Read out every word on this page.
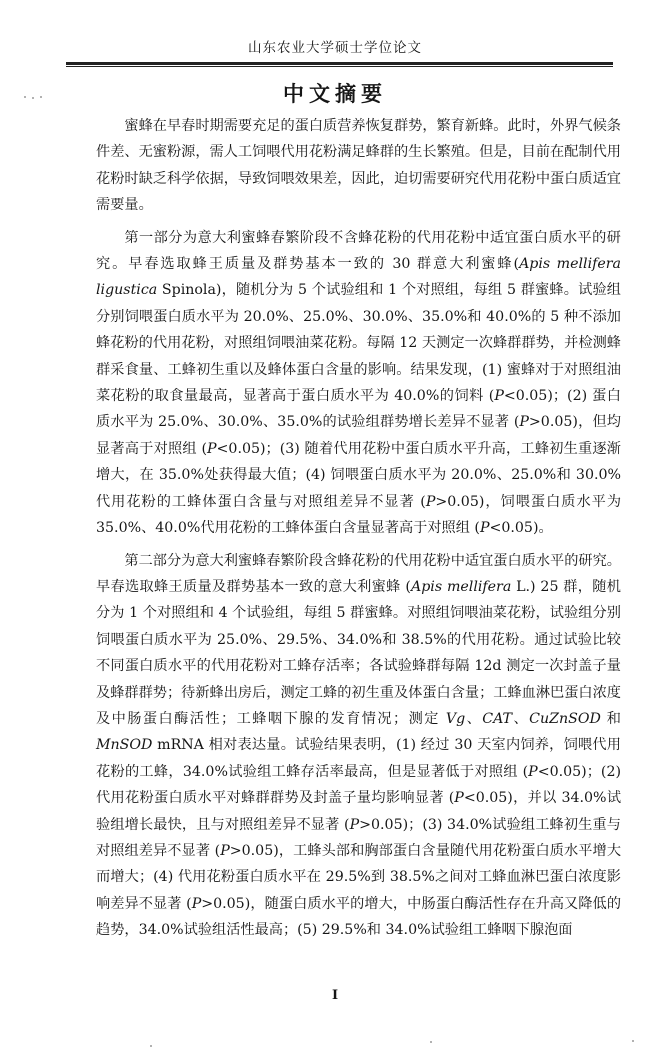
山东农业大学硕士学位论文
中文摘要

蜜蜂在早春时期需要充足的蛋白质营养恢复群势，繁育新蜂。此时，外界气候条件差、无蜜粉源，需人工饲喂代用花粉满足蜂群的生长繁殖。但是，目前在配制代用花粉时缺乏科学依据，导致饲喂效果差，因此，迫切需要研究代用花粉中蛋白质适宜需要量。

第一部分为意大利蜜蜂春繁阶段不含蜂花粉的代用花粉中适宜蛋白质水平的研究。早春选取蜂王质量及群势基本一致的 30 群意大利蜜蜂(Apis mellifera ligustica Spinola)，随机分为 5 个试验组和 1 个对照组，每组 5 群蜜蜂。试验组分别饲喂蛋白质水平为 20.0%、25.0%、30.0%、35.0%和 40.0%的 5 种不添加蜂花粉的代用花粉，对照组饲喂油菜花粉。每隔 12 天测定一次蜂群群势，并检测蜂群采食量、工蜂初生重以及蜂体蛋白含量的影响。结果发现，(1) 蜜蜂对于对照组油菜花粉的取食量最高，显著高于蛋白质水平为 40.0%的饲料 (P<0.05)；(2) 蛋白质水平为 25.0%、30.0%、35.0%的试验组群势增长差异不显著 (P>0.05)，但均显著高于对照组 (P<0.05)；(3) 随着代用花粉中蛋白质水平升高，工蜂初生重逐渐增大，在 35.0%处获得最大值；(4) 饲喂蛋白质水平为 20.0%、25.0%和 30.0%代用花粉的工蜂体蛋白含量与对照组差异不显著 (P>0.05)，饲喂蛋白质水平为 35.0%、40.0%代用花粉的工蜂体蛋白含量显著高于对照组 (P<0.05)。

第二部分为意大利蜜蜂春繁阶段含蜂花粉的代用花粉中适宜蛋白质水平的研究。早春选取蜂王质量及群势基本一致的意大利蜜蜂 (Apis mellifera L.) 25 群，随机分为 1 个对照组和 4 个试验组，每组 5 群蜜蜂。对照组饲喂油菜花粉，试验组分别饲喂蛋白质水平为 25.0%、29.5%、34.0%和 38.5%的代用花粉。通过试验比较不同蛋白质水平的代用花粉对工蜂存活率；各试验蜂群每隔 12d 测定一次封盖子量及蜂群群势；待新蜂出房后，测定工蜂的初生重及体蛋白含量；工蜂血淋巴蛋白浓度及中肠蛋白酶活性；工蜂咽下腺的发育情况；测定 Vg、CAT、CuZnSOD 和 MnSOD mRNA 相对表达量。试验结果表明，(1) 经过 30 天室内饲养，饲喂代用花粉的工蜂，34.0%试验组工蜂存活率最高，但是显著低于对照组 (P<0.05)；(2) 代用花粉蛋白质水平对蜂群群势及封盖子量均影响显著 (P<0.05)，并以 34.0%试验组增长最快，且与对照组差异不显著 (P>0.05)；(3) 34.0%试验组工蜂初生重与对照组差异不显著 (P>0.05)，工蜂头部和胸部蛋白含量随代用花粉蛋白质水平增大而增大；(4) 代用花粉蛋白质水平在 29.5%到 38.5%之间对工蜂血淋巴蛋白浓度影响差异不显著 (P>0.05)，随蛋白质水平的增大，中肠蛋白酶活性存在升高又降低的趋势，34.0%试验组活性最高；(5) 29.5%和 34.0%试验组工蜂咽下腺泡面

I
